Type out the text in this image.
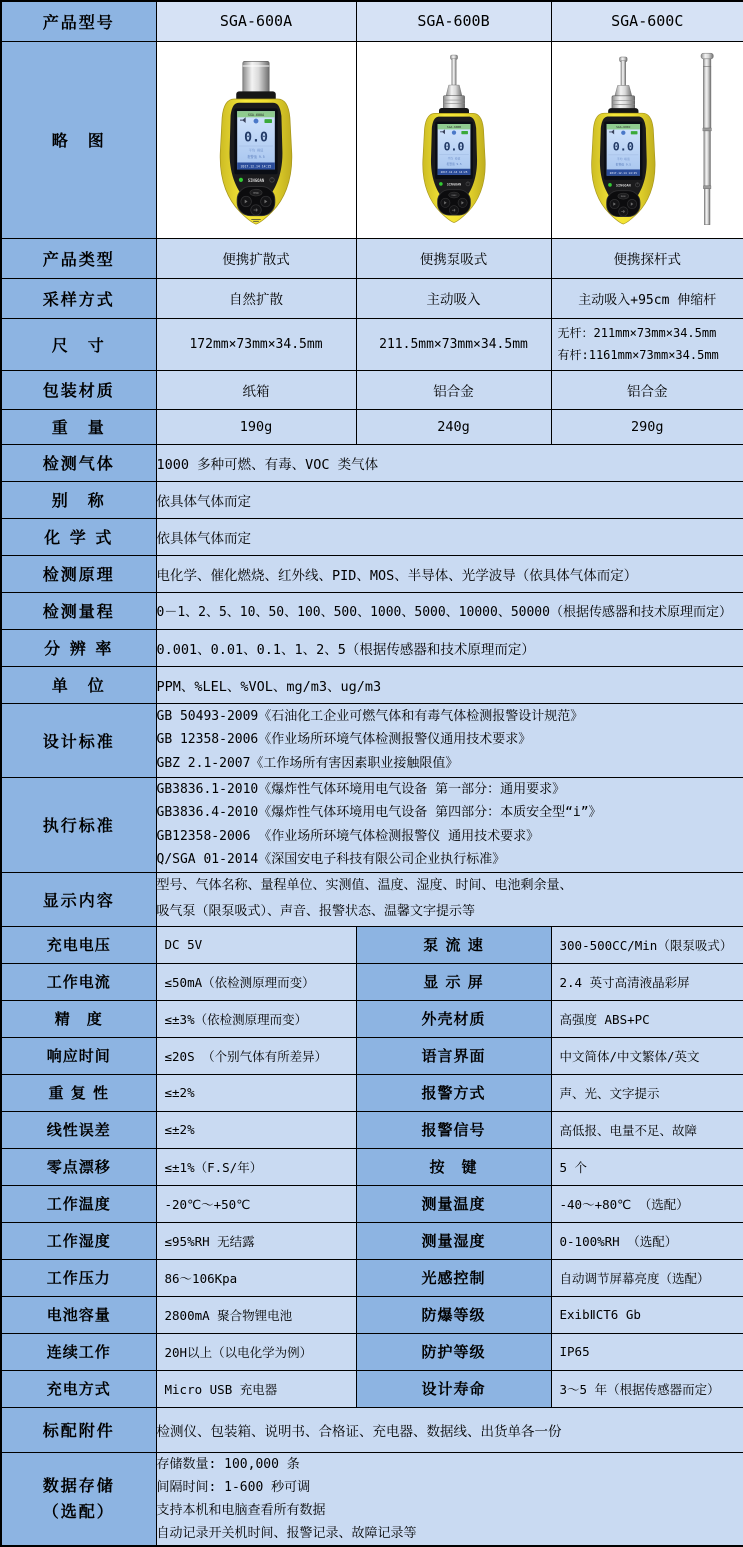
产品型号	SGA-600A	SGA-600B	SGA-600C
略　图	
SGA-600A
0.0
平均 峰值
报警值 9.5
2017.12.14 14:25
SINGOAN
MENU

SGA-600B
0.0
平均 峰值
报警值 9.5
2017.12.14 14:25
SINGOAN
MENU

SGA-600C
0.0
平均 峰值
报警值 9.5
2017.12.14 14:25
SINGOAN
MENU

产品类型	便携扩散式	便携泵吸式	便携探杆式
采样方式	自然扩散	主动吸入	主动吸入+95cm 伸缩杆
尺　寸	172mm×73mm×34.5mm	211.5mm×73mm×34.5mm	无杆：211mm×73mm×34.5mm
有杆:1161mm×73mm×34.5mm

包装材质	纸箱	铝合金	铝合金
重　量	190g	240g	290g
检测气体	1000 多种可燃、有毒、VOC 类气体		
别　称	依具体气体而定		
化 学 式	依具体气体而定		
检测原理	电化学、催化燃烧、红外线、PID、MOS、半导体、光学波导（依具体气体而定）		
检测量程	0－1、2、5、10、50、100、500、1000、5000、10000、50000（根据传感器和技术原理而定）		
分 辨 率	0.001、0.01、0.1、1、2、5（根据传感器和技术原理而定）		
单　位	PPM、%LEL、%VOL、mg/m3、ug/m3		
设计标准	GB 50493-2009《石油化工企业可燃气体和有毒气体检测报警设计规范》
GB 12358-2006《作业场所环境气体检测报警仪通用技术要求》
GBZ 2.1-2007《工作场所有害因素职业接触限值》		

执行标准	GB3836.1-2010《爆炸性气体环境用电气设备 第一部分：通用要求》
GB3836.4-2010《爆炸性气体环境用电气设备 第四部分：本质安全型“i”》
GB12358-2006 《作业场所环境气体检测报警仪 通用技术要求》
Q/SGA 01-2014《深国安电子科技有限公司企业执行标准》		

显示内容	型号、气体名称、量程单位、实测值、温度、湿度、时间、电池剩余量、
吸气泵（限泵吸式）、声音、报警状态、温馨文字提示等		

充电电压	DC 5V	泵 流 速	300-500CC/Min（限泵吸式）
工作电流	≤50mA（依检测原理而变）	显 示 屏	2.4 英寸高清液晶彩屏
精　度	≤±3%（依检测原理而变）	外壳材质	高强度 ABS+PC
响应时间	≤20S （个别气体有所差异）	语言界面	中文简体/中文繁体/英文
重 复 性	≤±2%	报警方式	声、光、文字提示
线性误差	≤±2%	报警信号	高低报、电量不足、故障
零点漂移	≤±1%（F.S/年）	按　键	5 个
工作温度	-20℃～+50℃	测量温度	-40～+80℃ （选配）
工作湿度	≤95%RH 无结露	测量湿度	0-100%RH （选配）
工作压力	86～106Kpa	光感控制	自动调节屏幕亮度（选配）
电池容量	2800mA 聚合物锂电池	防爆等级	ExibⅡCT6 Gb
连续工作	20H以上（以电化学为例）	防护等级	IP65
充电方式	Micro USB 充电器	设计寿命	3～5 年（根据传感器而定）
标配附件	检测仪、包装箱、说明书、合格证、充电器、数据线、出货单各一份		

数据存储
（选配）

存储数量: 100,000 条
间隔时间: 1-600 秒可调
支持本机和电脑查看所有数据
自动记录开关机时间、报警记录、故障记录等
